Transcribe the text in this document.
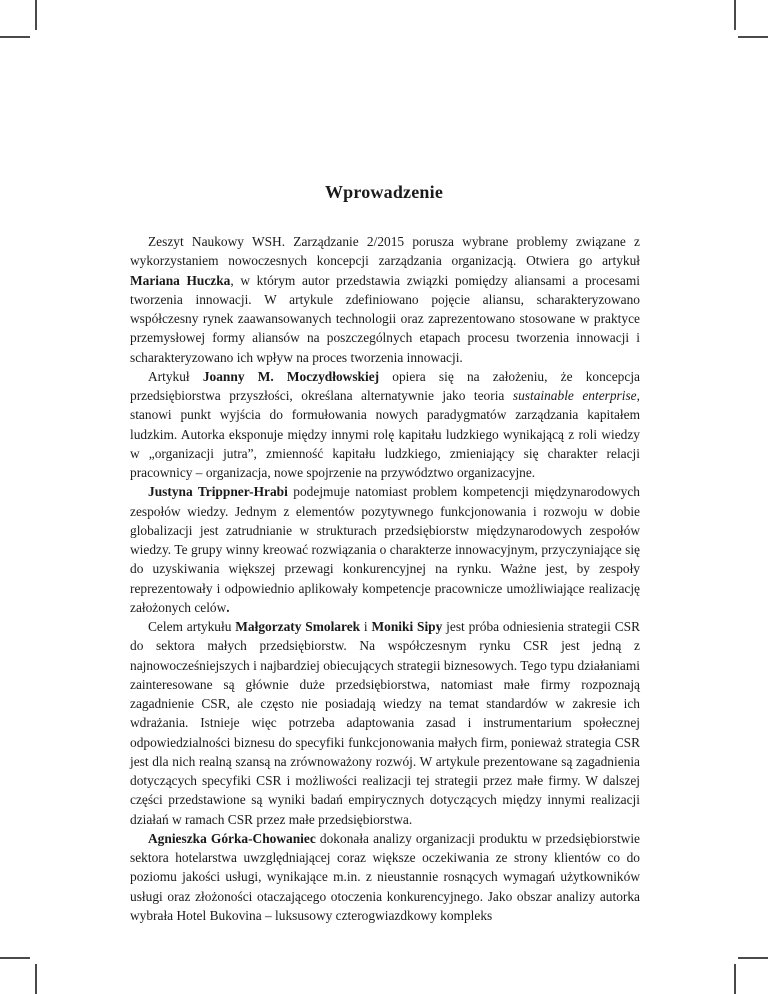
Wprowadzenie

Zeszyt Naukowy WSH. Zarządzanie 2/2015 porusza wybrane problemy związane z wykorzystaniem nowoczesnych koncepcji zarządzania organizacją. Otwiera go artykuł Mariana Huczka, w którym autor przedstawia związki pomiędzy aliansami a procesami tworzenia innowacji. W artykule zdefiniowano pojęcie aliansu, scharakteryzowano współczesny rynek zaawansowanych technologii oraz zaprezentowano stosowane w praktyce przemysłowej formy aliansów na poszczególnych etapach procesu tworzenia innowacji i scharakteryzowano ich wpływ na proces tworzenia innowacji.

Artykuł Joanny M. Moczydłowskiej opiera się na założeniu, że koncepcja przedsiębiorstwa przyszłości, określana alternatywnie jako teoria sustainable enterprise, stanowi punkt wyjścia do formułowania nowych paradygmatów zarządzania kapitałem ludzkim. Autorka eksponuje między innymi rolę kapitału ludzkiego wynikającą z roli wiedzy w „organizacji jutra”, zmienność kapitału ludzkiego, zmieniający się charakter relacji pracownicy – organizacja, nowe spojrzenie na przywództwo organizacyjne.

Justyna Trippner-Hrabi podejmuje natomiast problem kompetencji międzynarodowych zespołów wiedzy. Jednym z elementów pozytywnego funkcjonowania i rozwoju w dobie globalizacji jest zatrudnianie w strukturach przedsiębiorstw międzynarodowych zespołów wiedzy. Te grupy winny kreować rozwiązania o charakterze innowacyjnym, przyczyniające się do uzyskiwania większej przewagi konkurencyjnej na rynku. Ważne jest, by zespoły reprezentowały i odpowiednio aplikowały kompetencje pracownicze umożliwiające realizację założonych celów.

Celem artykułu Małgorzaty Smolarek i Moniki Sipy jest próba odniesienia strategii CSR do sektora małych przedsiębiorstw. Na współczesnym rynku CSR jest jedną z najnowocześniejszych i najbardziej obiecujących strategii biznesowych. Tego typu działaniami zainteresowane są głównie duże przedsiębiorstwa, natomiast małe firmy rozpoznają zagadnienie CSR, ale często nie posiadają wiedzy na temat standardów w zakresie ich wdrażania. Istnieje więc potrzeba adaptowania zasad i instrumentarium społecznej odpowiedzialności biznesu do specyfiki funkcjonowania małych firm, ponieważ strategia CSR jest dla nich realną szansą na zrównoważony rozwój. W artykule prezentowane są zagadnienia dotyczących specyfiki CSR i możliwości realizacji tej strategii przez małe firmy. W dalszej części przedstawione są wyniki badań empirycznych dotyczących między innymi realizacji działań w ramach CSR przez małe przedsiębiorstwa.

Agnieszka Górka-Chowaniec dokonała analizy organizacji produktu w przedsiębiorstwie sektora hotelarstwa uwzględniającej coraz większe oczekiwania ze strony klientów co do poziomu jakości usługi, wynikające m.in. z nieustannie rosnących wymagań użytkowników usługi oraz złożoności otaczającego otoczenia konkurencyjnego. Jako obszar analizy autorka wybrała Hotel Bukovina – luksusowy czterogwiazdkowy kompleks
